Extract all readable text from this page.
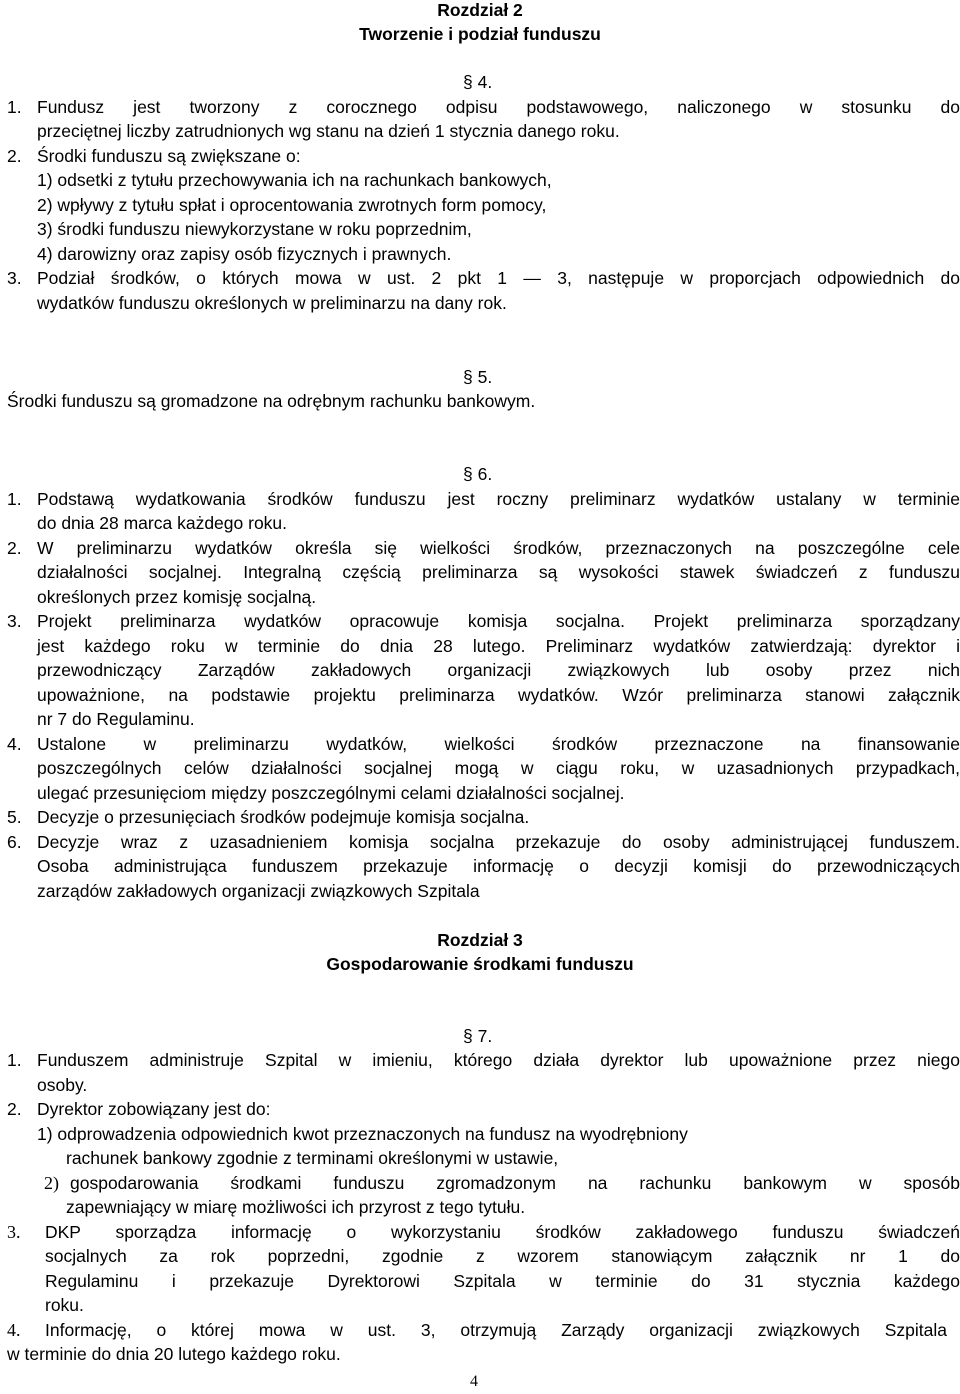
Rozdział 2
Tworzenie i podział funduszu
§ 4.
1. Fundusz jest tworzony z corocznego odpisu podstawowego, naliczonego w stosunku do
przeciętnej liczby zatrudnionych wg stanu na dzień 1 stycznia danego roku.
2. Środki funduszu są zwiększane o:
1) odsetki z tytułu przechowywania ich na rachunkach bankowych,
2) wpływy z tytułu spłat i oprocentowania zwrotnych form pomocy,
3) środki funduszu niewykorzystane w roku poprzednim,
4) darowizny oraz zapisy osób fizycznych i prawnych.
3. Podział środków, o których mowa w ust. 2 pkt 1 — 3, następuje w proporcjach odpowiednich do
wydatków funduszu określonych w preliminarzu na dany rok.
§ 5.
Środki funduszu są gromadzone na odrębnym rachunku bankowym.
§ 6.
1. Podstawą wydatkowania środków funduszu jest roczny preliminarz wydatków ustalany w terminie
do dnia 28 marca każdego roku.
2. W preliminarzu wydatków określa się wielkości środków, przeznaczonych na poszczególne cele
działalności socjalnej. Integralną częścią preliminarza są wysokości stawek świadczeń z funduszu
określonych przez komisję socjalną.
3. Projekt preliminarza wydatków opracowuje komisja socjalna. Projekt preliminarza sporządzany
jest każdego roku w terminie do dnia 28 lutego. Preliminarz wydatków zatwierdzają: dyrektor i
przewodniczący Zarządów zakładowych organizacji związkowych lub osoby przez nich
upoważnione, na podstawie projektu preliminarza wydatków. Wzór preliminarza stanowi załącznik
nr 7 do Regulaminu.
4. Ustalone w preliminarzu wydatków, wielkości środków przeznaczone na finansowanie
poszczególnych celów działalności socjalnej mogą w ciągu roku, w uzasadnionych przypadkach,
ulegać przesunięciom między poszczególnymi celami działalności socjalnej.
5. Decyzje o przesunięciach środków podejmuje komisja socjalna.
6. Decyzje wraz z uzasadnieniem komisja socjalna przekazuje do osoby administrującej funduszem.
Osoba administrująca funduszem przekazuje informację o decyzji komisji do przewodniczących
zarządów zakładowych organizacji związkowych Szpitala
Rozdział 3
Gospodarowanie środkami funduszu
§ 7.
1. Funduszem administruje Szpital w imieniu, którego działa dyrektor lub upoważnione przez niego
osoby.
2. Dyrektor zobowiązany jest do:
1) odprowadzenia odpowiednich kwot przeznaczonych na fundusz na wyodrębniony
rachunek bankowy zgodnie z terminami określonymi w ustawie,
2) gospodarowania środkami funduszu zgromadzonym na rachunku bankowym w sposób
zapewniający w miarę możliwości ich przyrost z tego tytułu.
3. DKP sporządza informację o wykorzystaniu środków zakładowego funduszu świadczeń
socjalnych za rok poprzedni, zgodnie z wzorem stanowiącym załącznik nr 1 do
Regulaminu i przekazuje Dyrektorowi Szpitala w terminie do 31 stycznia każdego
roku.
4. Informację, o której mowa w ust. 3, otrzymują Zarządy organizacji związkowych Szpitala
w terminie do dnia 20 lutego każdego roku.
4
